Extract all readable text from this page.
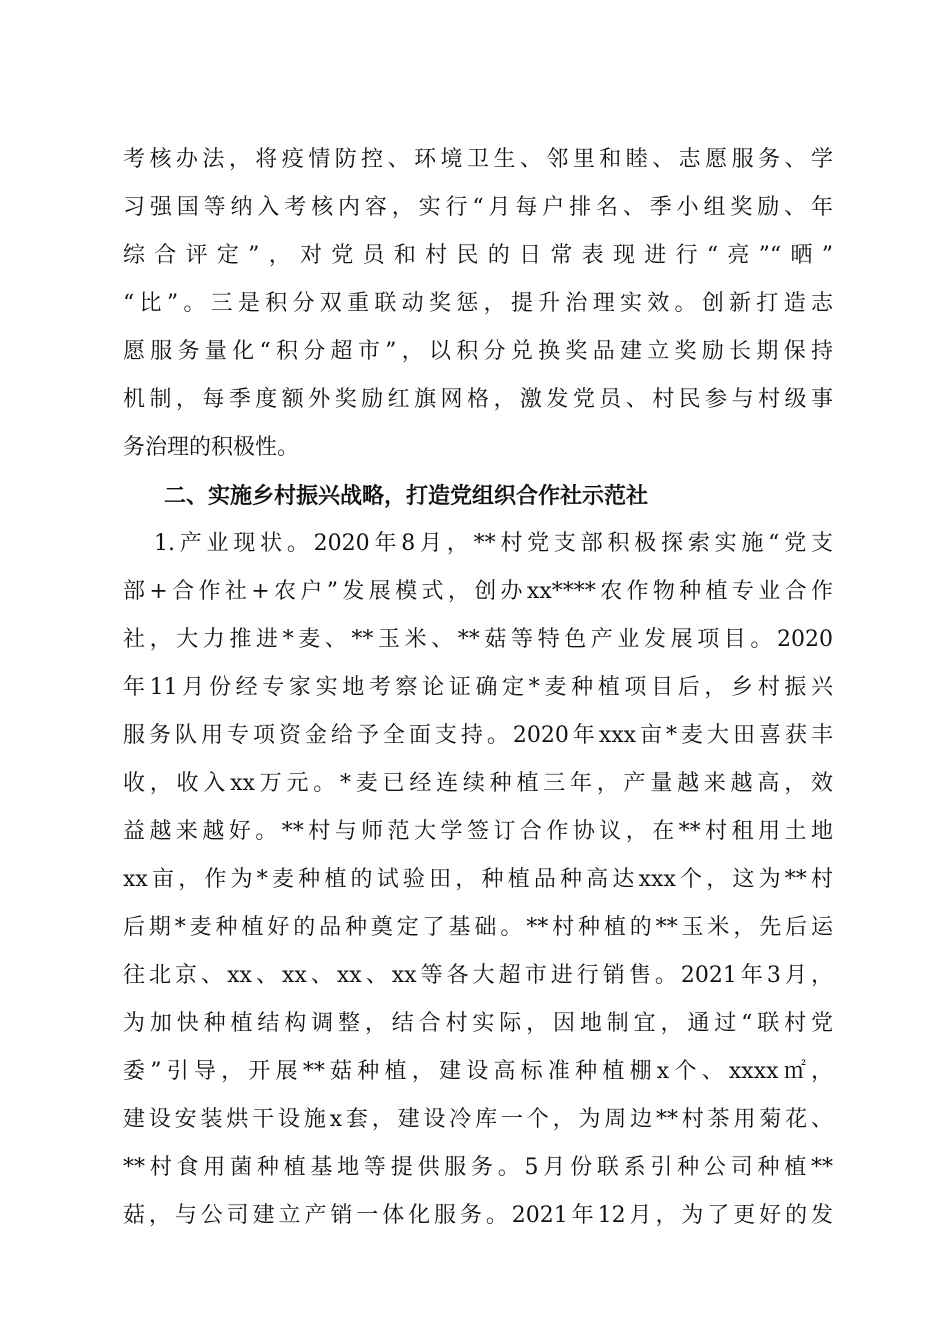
考核办法，将疫情防控、环境卫生、邻里和睦、志愿服务、学
习强国等纳入考核内容，实行“月每户排名、季小组奖励、年
综合评定”，对党员和村民的日常表现进行“亮”“晒”
“比”。三是积分双重联动奖惩，提升治理实效。创新打造志
愿服务量化“积分超市”，以积分兑换奖品建立奖励长期保持
机制，每季度额外奖励红旗网格，激发党员、村民参与村级事
务治理的积极性。
二、实施乡村振兴战略，打造党组织合作社示范社
1.产业现状。2020年8月，**村党支部积极探索实施“党支
部+合作社+农户”发展模式，创办xx****农作物种植专业合作
社，大力推进*麦、**玉米、**菇等特色产业发展项目。2020
年11月份经专家实地考察论证确定*麦种植项目后，乡村振兴
服务队用专项资金给予全面支持。2020年xxx亩*麦大田喜获丰
收，收入xx万元。*麦已经连续种植三年，产量越来越高，效
益越来越好。**村与师范大学签订合作协议，在**村租用土地
xx亩，作为*麦种植的试验田，种植品种高达xxx个，这为**村
后期*麦种植好的品种奠定了基础。**村种植的**玉米，先后运
往北京、xx、xx、xx、xx等各大超市进行销售。2021年3月，
为加快种植结构调整，结合村实际，因地制宜，通过“联村党
委”引导，开展**菇种植，建设高标准种植棚x个、xxxx㎡，
建设安装烘干设施x套，建设冷库一个，为周边**村茶用菊花、
**村食用菌种植基地等提供服务。5月份联系引种公司种植**
菇，与公司建立产销一体化服务。2021年12月，为了更好的发
